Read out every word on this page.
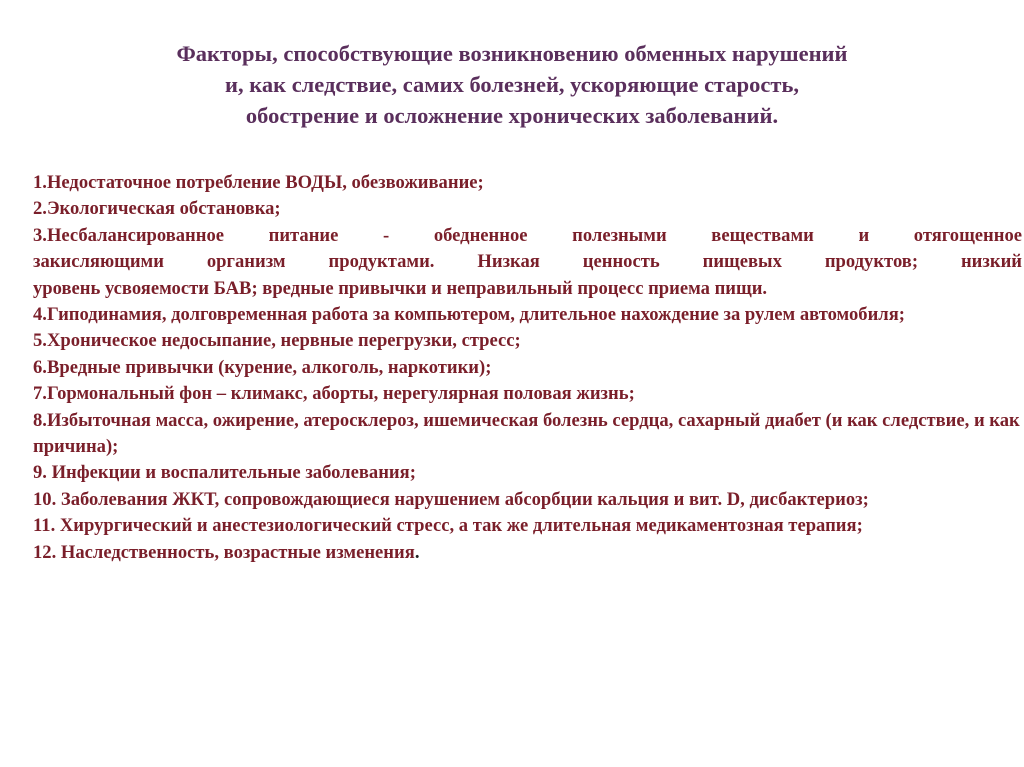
Факторы, способствующие возникновению обменных нарушений
и, как следствие, самих болезней, ускоряющие старость,
обострение и осложнение хронических заболеваний.
1.Недостаточное потребление ВОДЫ, обезвоживание;
2.Экологическая обстановка;
3.Несбалансированное питание - обедненное полезными веществами и отягощенное
закисляющими организм продуктами. Низкая ценность пищевых продуктов; низкий
уровень усвояемости БАВ; вредные привычки и неправильный процесс приема пищи.
4.Гиподинамия, долговременная работа за компьютером, длительное нахождение за рулем автомобиля;
5.Хроническое недосыпание, нервные перегрузки, стресс;
6.Вредные привычки (курение, алкоголь, наркотики);
7.Гормональный фон – климакс, аборты, нерегулярная половая жизнь;
8.Избыточная масса, ожирение, атеросклероз, ишемическая болезнь сердца, сахарный диабет (и как следствие, и как причина);
9. Инфекции и воспалительные заболевания;
10. Заболевания ЖКТ, сопровождающиеся нарушением абсорбции кальция и вит. D, дисбактериоз;
11. Хирургический и анестезиологический стресс, а так же длительная медикаментозная терапия;
12. Наследственность, возрастные изменения.
